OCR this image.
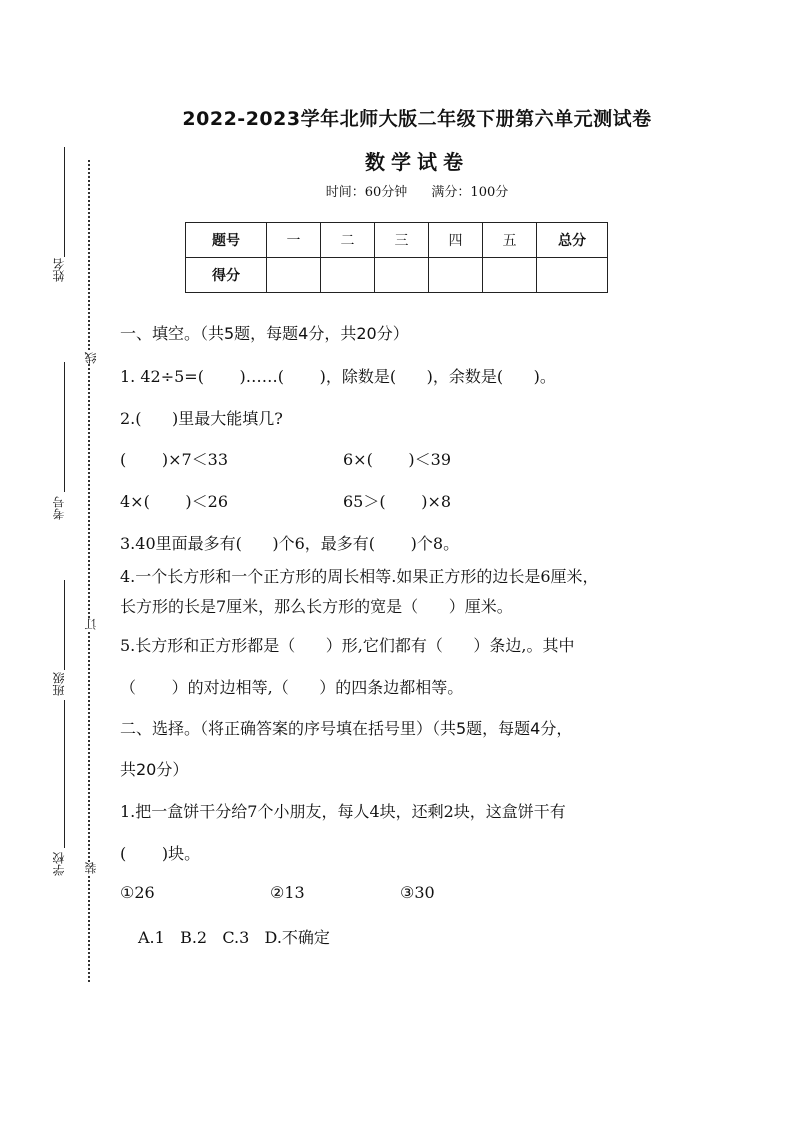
2022-2023学年北师大版二年级下册第六单元测试卷
数学试卷
时间：60分钟 满分：100分
题号	一	二	三	四	五	总分
得分						
一、填空。（共5题，每题4分，共20分）
1. 42÷5=(       )……(       )，除数是(      )，余数是(      )。
2.(      )里最大能填几?
(       )×7＜33	6×(       )＜39
4×(       )＜26	65＞(       )×8
3.40里面最多有(      )个6，最多有(       )个8。
4.一个长方形和一个正方形的周长相等.如果正方形的边长是6厘米，
长方形的长是7厘米，那么长方形的宽是（      ）厘米。
5.长方形和正方形都是（      ）形,它们都有（      ）条边,。其中
（       ）的对边相等,（      ）的四条边都相等。
二、选择。（将正确答案的序号填在括号里）（共5题，每题4分，
共20分）
1.把一盒饼干分给7个小朋友，每人4块，还剩2块，这盒饼干有
(       )块。
①26	②13	③30
A.1   B.2   C.3   D.不确定
姓名
考号
班级
学校
线
订
装
